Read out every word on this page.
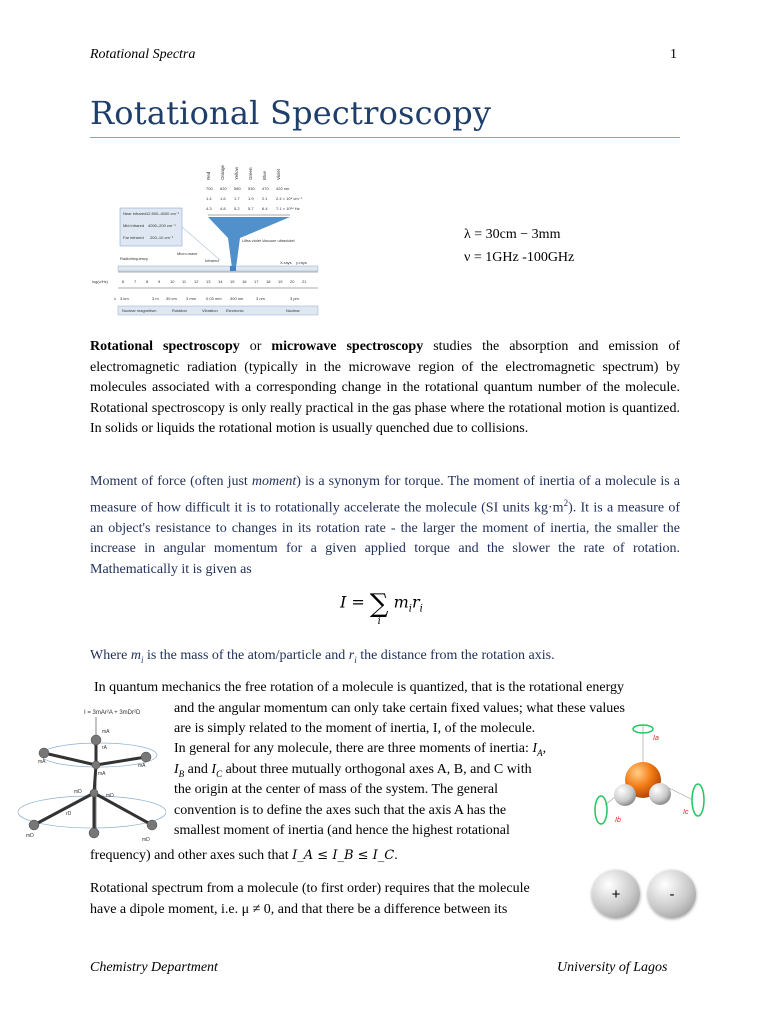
Rotational Spectra	1
Rotational Spectroscopy
Red Orange Yellow Green Blue Violet
700 620 580 530 470 420 nm
1.4 1.6 1.7 1.9 2.1 2.4 × 10⁴ cm⁻¹
4.3 4.8 5.2 5.7 6.4 7.1 × 10¹⁴ Hz
Near infrared 12 800–4000 cm⁻¹
Mid infrared 4000–200 cm⁻¹
Far infrared 200–10 cm⁻¹
Radiofrequency
Micro-wave
Infrared
Ultra-violet Vacuum ultraviolet
X-rays γ-rays
log(ν/Hz)	6 7 8 9 10 11 12 13 14 15 16 17 18 19 20 21
λ 3 km	3 m 30 cm 3 mm	0.03 mm 300 nm	3 nm	3 pm
Nuclear magnetism	Rotation	Vibration Electronic	Nuclear
λ = 30cm − 3mm
ν = 1GHz -100GHz
Rotational spectroscopy or microwave spectroscopy studies the absorption and emission of electromagnetic radiation (typically in the microwave region of the electromagnetic spectrum) by molecules associated with a corresponding change in the rotational quantum number of the molecule. Rotational spectroscopy is only really practical in the gas phase where the rotational motion is quantized. In solids or liquids the rotational motion is usually quenched due to collisions.
Moment of force (often just moment) is a synonym for torque. The moment of inertia of a molecule is a measure of how difficult it is to rotationally accelerate the molecule (SI units $kg\cdot m^2$). It is a measure of an object's resistance to changes in its rotation rate - the larger the moment of inertia, the smaller the increase in angular momentum for a given applied torque and the slower the rate of rotation. Mathematically it is given as
I = ∑
i
$m_ir_i$
Where $m_i$ is the mass of the atom/particle and $r_i$ the distance from the rotation axis.
In quantum mechanics the free rotation of a molecule is quantized, that is the rotational energy
and the angular momentum can only take certain fixed values; what these values
are is simply related to the moment of inertia, I, of the molecule.
In general for any molecule, there are three moments of inertia: $I_A$,
$I_B$ and $I_C$ about three mutually orthogonal axes A, B, and C with
the origin at the center of mass of the system. The general
convention is to define the axes such that the axis A has the
smallest moment of inertia (and hence the highest rotational
frequency) and other axes such that I_A ≤ I_B ≤ I_C.
I = 3mAr²A + 3mDr²D
mA
rA
mA
mA
mA
mD
mD
rD
mD
mD
Ia
Ib
Ic
Rotational spectrum from a molecule (to first order) requires that the molecule
have a dipole moment, i.e. μ ≠ 0, and that there be a difference between its
+	-
Chemistry Department	University of Lagos
